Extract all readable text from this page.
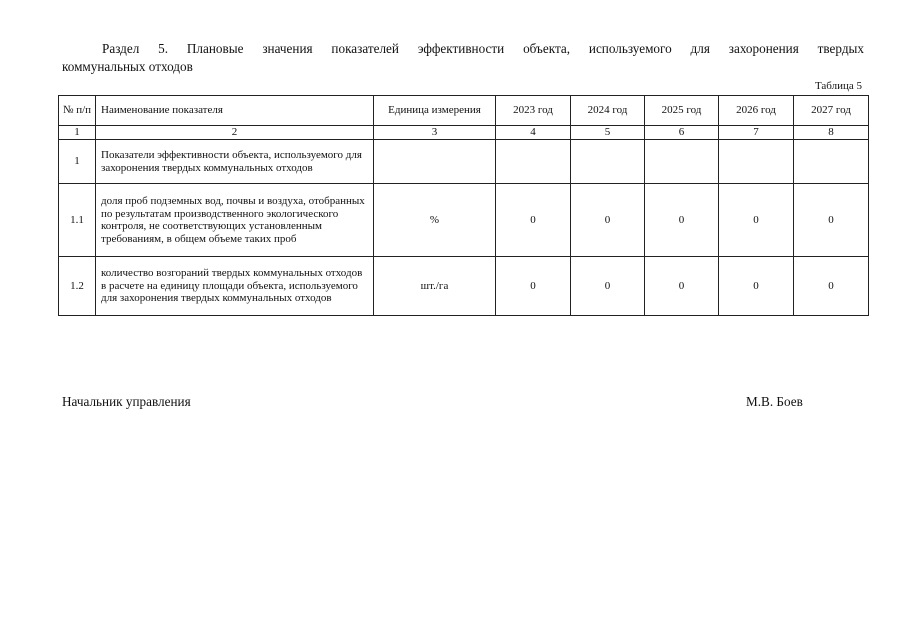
Раздел 5. Плановые значения показателей эффективности объекта, используемого для захоронения твердых
коммунальных отходов
Таблица 5
№ п/п	Наименование показателя	Единица измерения	2023 год	2024 год	2025 год	2026 год	2027 год
1	2	3	4	5	6	7	8
1	Показатели эффективности объекта, используемого для захоронения твердых коммунальных отходов						
1.1	доля проб подземных вод, почвы и воздуха, отобранных по результатам производственного экологического контроля, не соответствующих установленным требованиям, в общем объеме таких проб	%	0	0	0	0	0
1.2	количество возгораний твердых коммунальных отходов в расчете на единицу площади объекта, используемого для захоронения твердых коммунальных отходов	шт./га	0	0	0	0	0
Начальник управления	М.В. Боев
